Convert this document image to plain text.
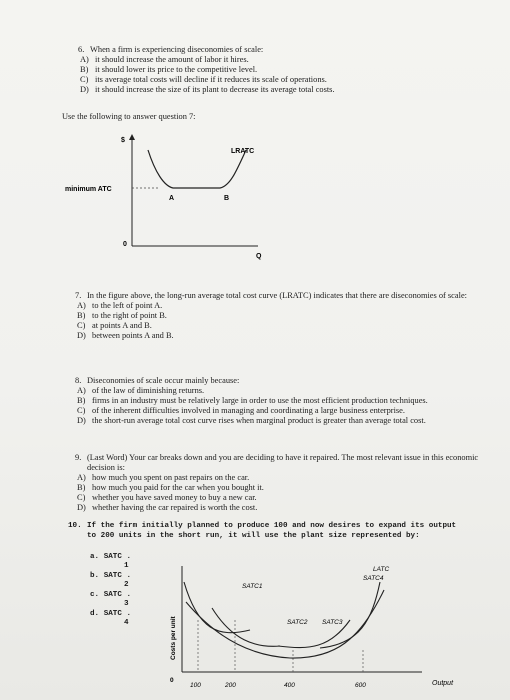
6. When a firm is experiencing diseconomies of scale:
A) it should increase the amount of labor it hires.
B) it should lower its price to the competitive level.
C) its average total costs will decline if it reduces its scale of operations.
D) it should increase the size of its plant to decrease its average total costs.
Use the following to answer question 7:
$
LRATC
minimum ATC
A	B
0
Q
7. In the figure above, the long-run average total cost curve (LRATC) indicates that there are diseconomies of scale:
A) to the left of point A.
B) to the right of point B.
C) at points A and B.
D) between points A and B.
8. Diseconomies of scale occur mainly because:
A) of the law of diminishing returns.
B) firms in an industry must be relatively large in order to use the most efficient production techniques.
C) of the inherent difficulties involved in managing and coordinating a large business enterprise.
D) the short-run average total cost curve rises when marginal product is greater than average total cost.
9. (Last Word) Your car breaks down and you are deciding to have it repaired. The most relevant issue in this economic decision is:
A) how much you spent on past repairs on the car.
B) how much you paid for the car when you bought it.
C) whether you have saved money to buy a new car.
D) whether having the car repaired is worth the cost.
10. If the firm initially planned to produce 100 and now desires to expand its output to 200 units in the short run, it will use the plant size represented by:
a. SATC .
1
b. SATC .
2
c. SATC .
3
d. SATC .
4	Costs per unit
0
100	200	400	600	Output
LATC
SATC4
SATC1
SATC2 SATC3
